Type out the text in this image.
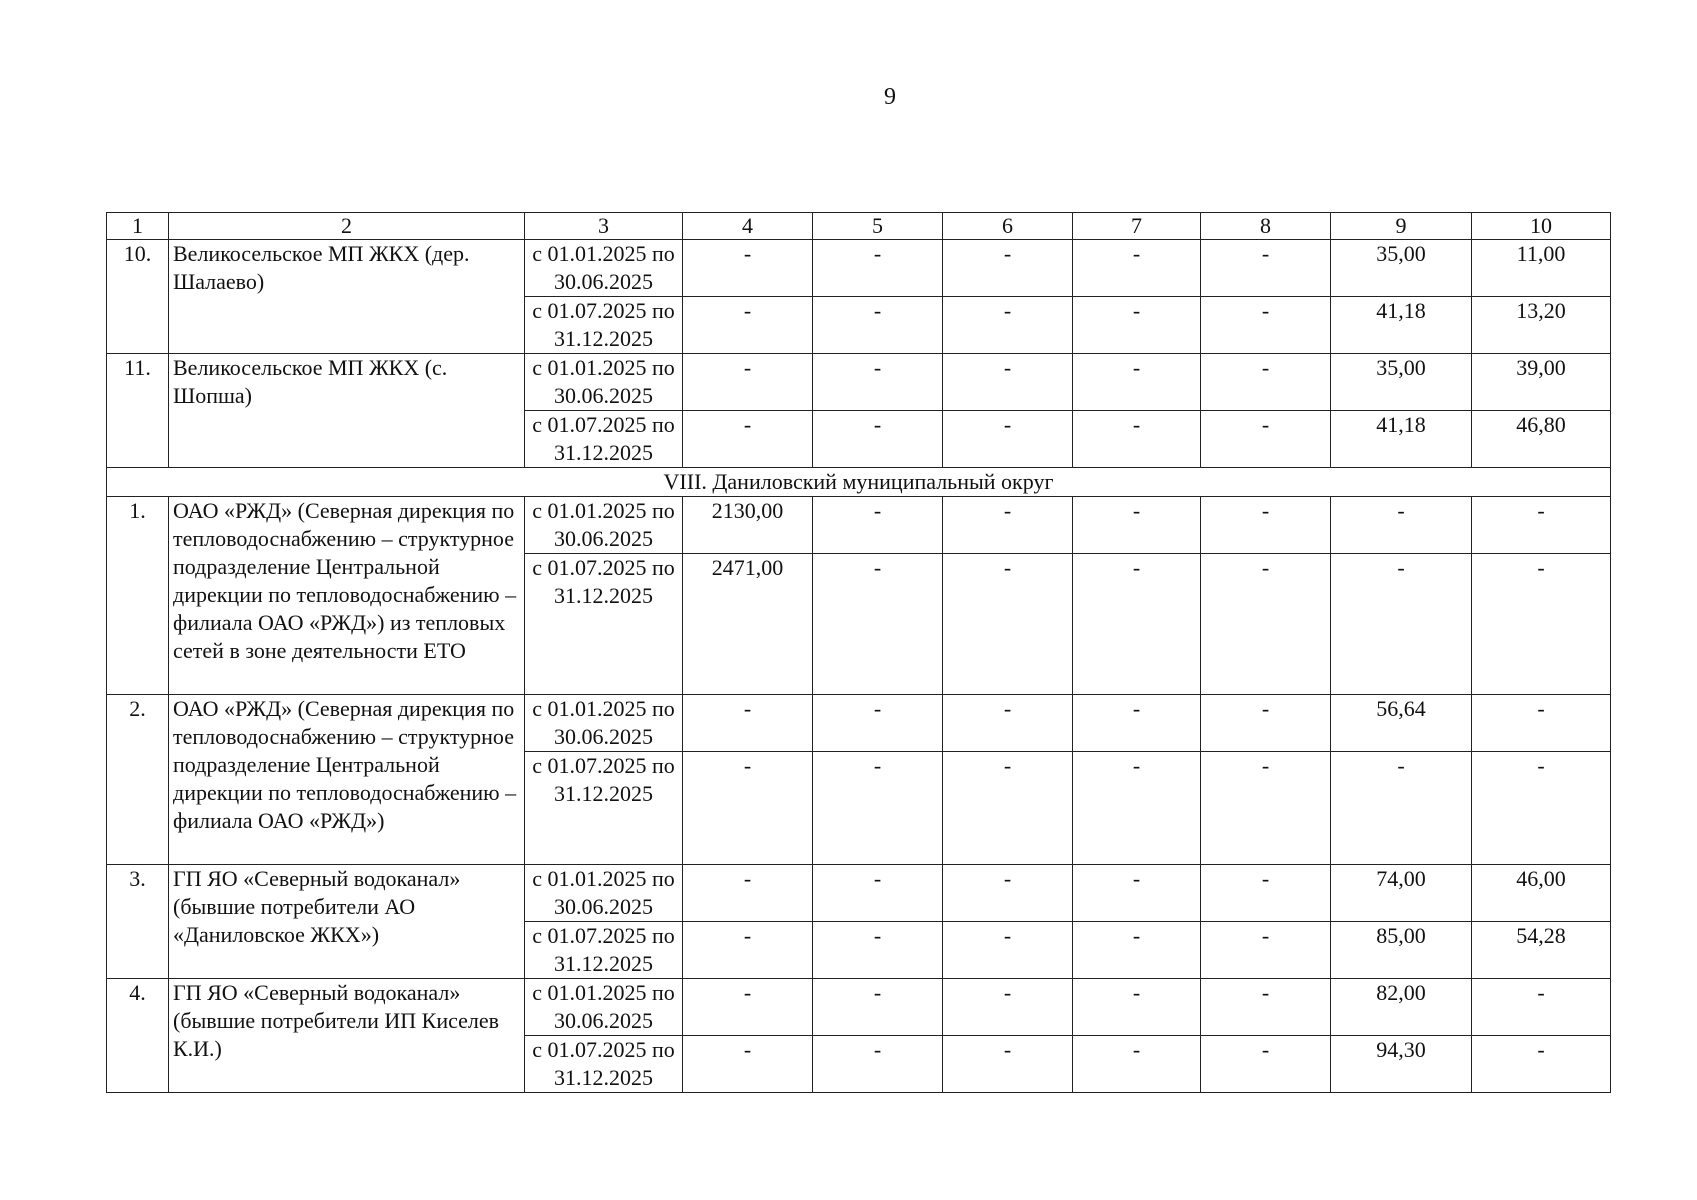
9
1	2	3	4	5	6	7	8	9	10
10.	Великосельское МП ЖКХ (дер. Шалаево)	с 01.01.2025 по 30.06.2025	-	-	-	-	-	35,00	11,00
		с 01.07.2025 по 31.12.2025	-	-	-	-	-	41,18	13,20
11.	Великосельское МП ЖКХ (с. Шопша)	с 01.01.2025 по 30.06.2025	-	-	-	-	-	35,00	39,00
		с 01.07.2025 по 31.12.2025	-	-	-	-	-	41,18	46,80
VIII. Даниловский муниципальный округ									
1.	ОАО «РЖД» (Северная дирекция по тепловодоснабжению – структурное подразделение Центральной дирекции по тепловодоснабжению – филиала ОАО «РЖД») из тепловых сетей в зоне деятельности ЕТО	с 01.01.2025 по 30.06.2025	2130,00	-	-	-	-	-	-
		с 01.07.2025 по 31.12.2025	2471,00	-	-	-	-	-	-
2.	ОАО «РЖД» (Северная дирекция по тепловодоснабжению – структурное подразделение Центральной дирекции по тепловодоснабжению – филиала ОАО «РЖД»)	с 01.01.2025 по 30.06.2025	-	-	-	-	-	56,64	-
		с 01.07.2025 по 31.12.2025	-	-	-	-	-	-	-
3.	ГП ЯО «Северный водоканал» (бывшие потребители АО «Даниловское ЖКХ»)	с 01.01.2025 по 30.06.2025	-	-	-	-	-	74,00	46,00
		с 01.07.2025 по 31.12.2025	-	-	-	-	-	85,00	54,28
4.	ГП ЯО «Северный водоканал» (бывшие потребители ИП Киселев К.И.)	с 01.01.2025 по 30.06.2025	-	-	-	-	-	82,00	-
		с 01.07.2025 по 31.12.2025	-	-	-	-	-	94,30	-
